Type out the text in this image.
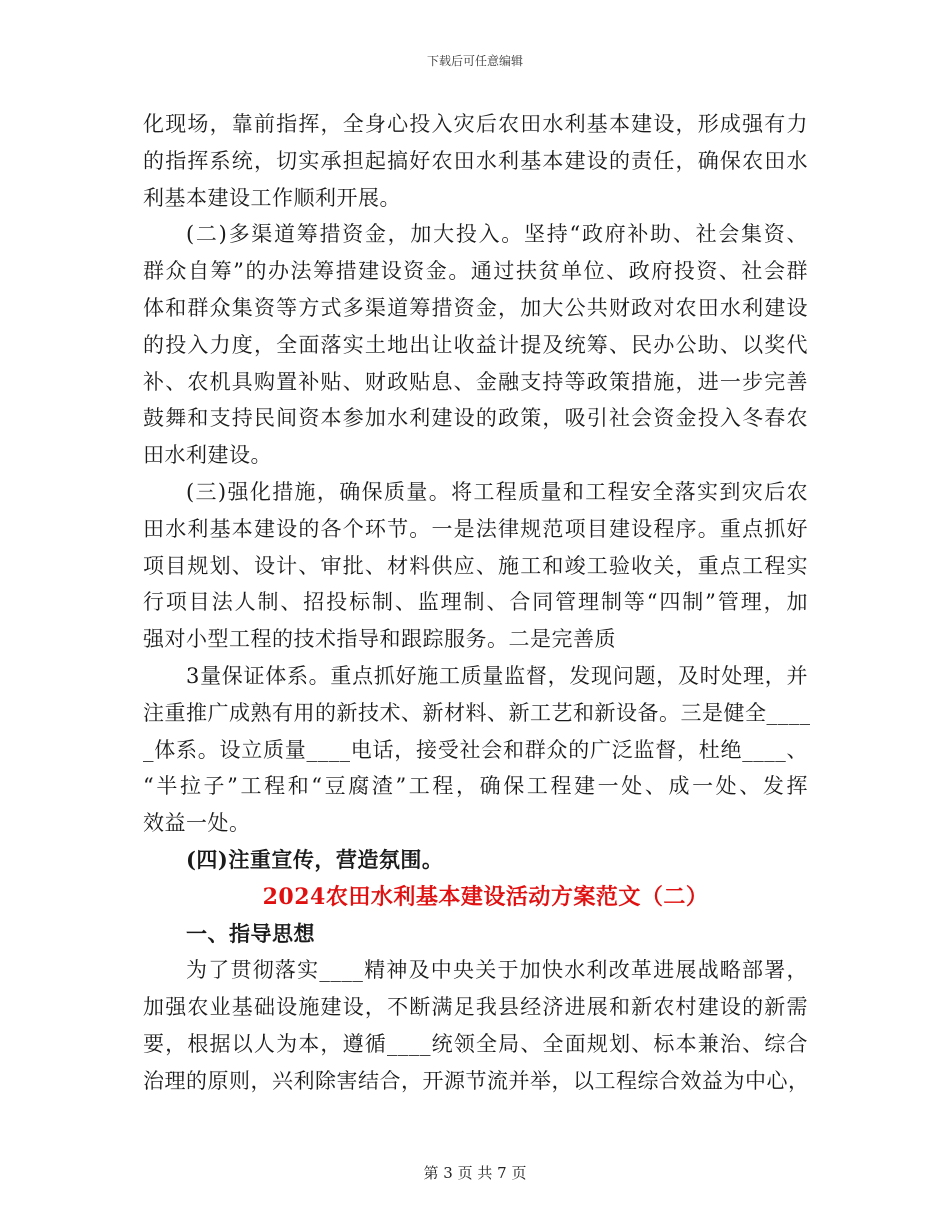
下载后可任意编辑
化现场，靠前指挥，全身心投入灾后农田水利基本建设，形成强有力
的指挥系统，切实承担起搞好农田水利基本建设的责任，确保农田水
利基本建设工作顺利开展。
(二)多渠道筹措资金，加大投入。坚持“政府补助、社会集资、
群众自筹”的办法筹措建设资金。通过扶贫单位、政府投资、社会群
体和群众集资等方式多渠道筹措资金，加大公共财政对农田水利建设
的投入力度，全面落实土地出让收益计提及统筹、民办公助、以奖代
补、农机具购置补贴、财政贴息、金融支持等政策措施，进一步完善
鼓舞和支持民间资本参加水利建设的政策，吸引社会资金投入冬春农
田水利建设。
(三)强化措施，确保质量。将工程质量和工程安全落实到灾后农
田水利基本建设的各个环节。一是法律规范项目建设程序。重点抓好
项目规划、设计、审批、材料供应、施工和竣工验收关，重点工程实
行项目法人制、招投标制、监理制、合同管理制等“四制”管理，加
强对小型工程的技术指导和跟踪服务。二是完善质
3量保证体系。重点抓好施工质量监督，发现问题，及时处理，并
注重推广成熟有用的新技术、新材料、新工艺和新设备。三是健全____
_体系。设立质量____电话，接受社会和群众的广泛监督，杜绝____、
“半拉子”工程和“豆腐渣”工程，确保工程建一处、成一处、发挥
效益一处。
(四)注重宣传，营造氛围。
2024农田水利基本建设活动方案范文（二）
一、指导思想
为了贯彻落实____精神及中央关于加快水利改革进展战略部署，
加强农业基础设施建设，不断满足我县经济进展和新农村建设的新需
要，根据以人为本，遵循____统领全局、全面规划、标本兼治、综合
治理的原则，兴利除害结合，开源节流并举，以工程综合效益为中心，
第 3 页 共 7 页
